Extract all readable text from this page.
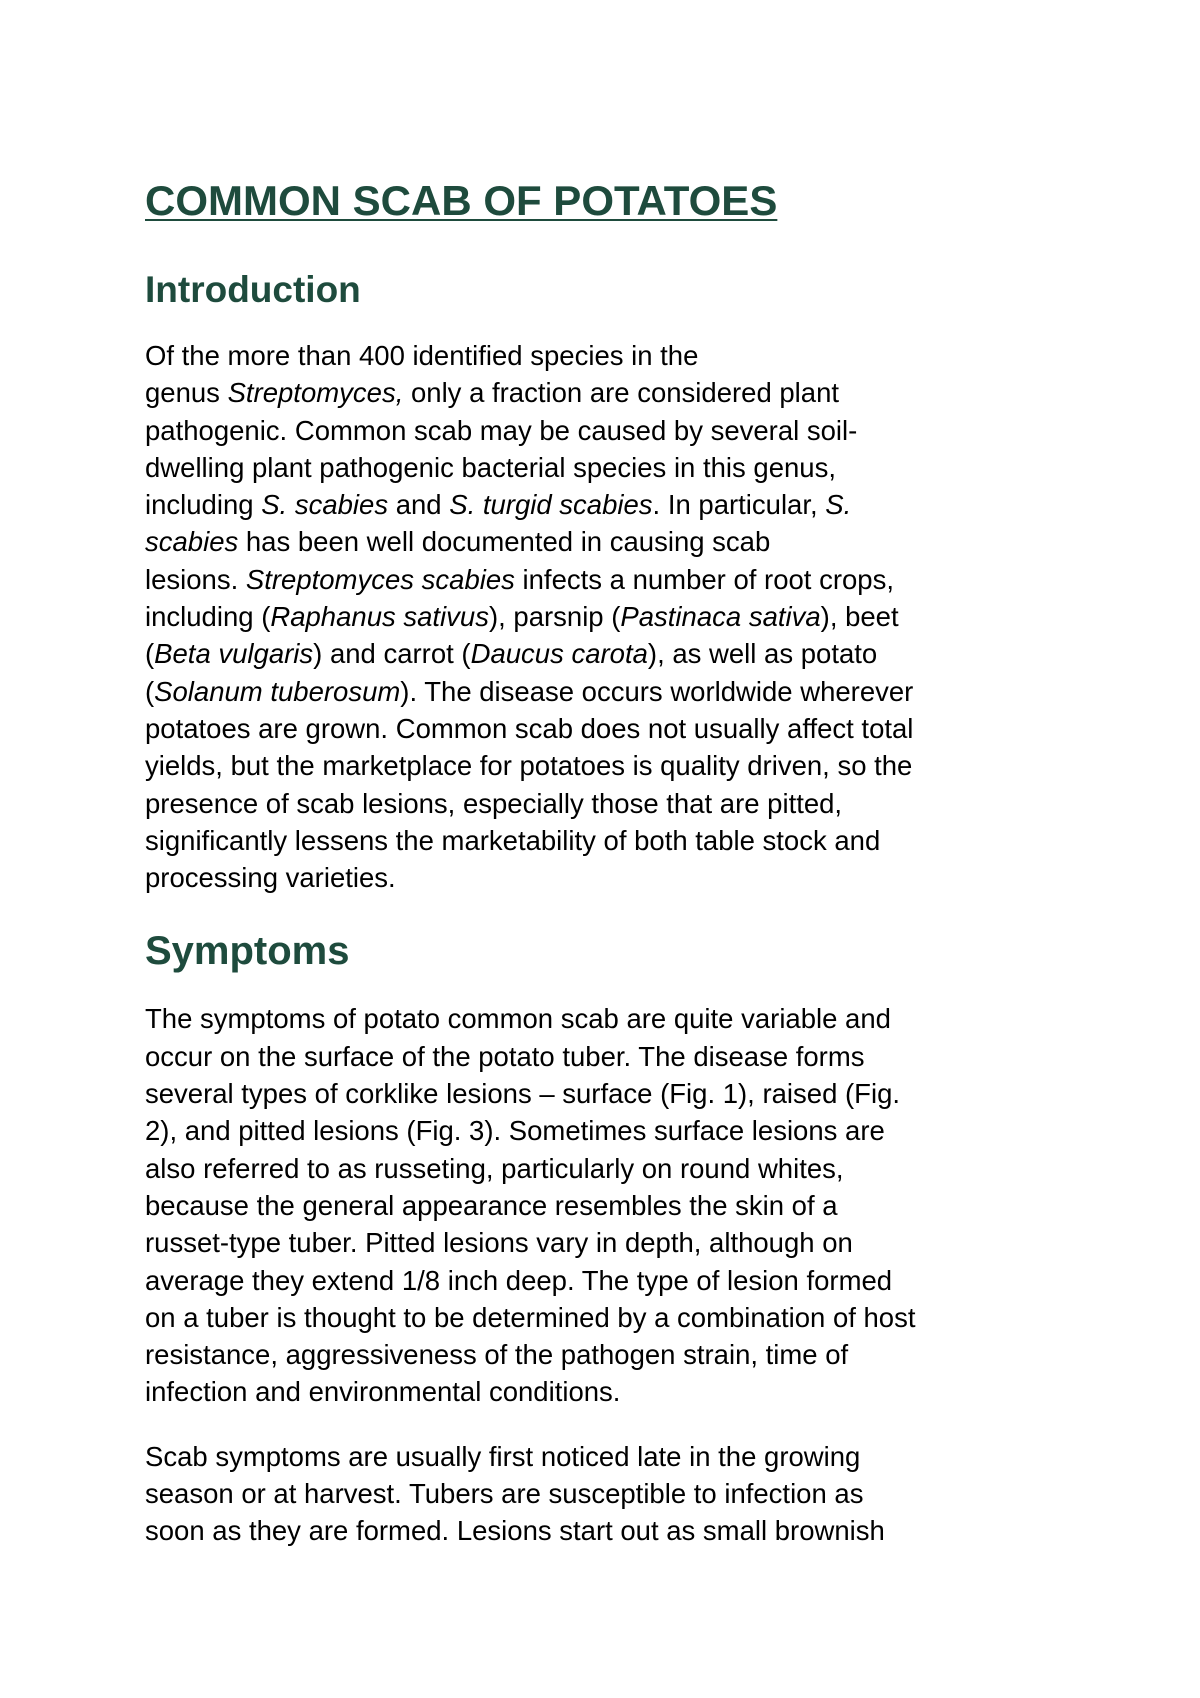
COMMON SCAB OF POTATOES
Introduction

Of the more than 400 identified species in the
genus Streptomyces, only a fraction are considered plant
pathogenic. Common scab may be caused by several soil-
dwelling plant pathogenic bacterial species in this genus,
including S. scabies and S. turgid scabies. In particular, S.
scabies has been well documented in causing scab
lesions. Streptomyces scabies infects a number of root crops,
including (Raphanus sativus), parsnip (Pastinaca sativa), beet
(Beta vulgaris) and carrot (Daucus carota), as well as potato
(Solanum tuberosum). The disease occurs worldwide wherever
potatoes are grown. Common scab does not usually affect total
yields, but the marketplace for potatoes is quality driven, so the
presence of scab lesions, especially those that are pitted,
significantly lessens the marketability of both table stock and
processing varieties.

Symptoms

The symptoms of potato common scab are quite variable and
occur on the surface of the potato tuber. The disease forms
several types of corklike lesions – surface (Fig. 1), raised (Fig.
2), and pitted lesions (Fig. 3). Sometimes surface lesions are
also referred to as russeting, particularly on round whites,
because the general appearance resembles the skin of a
russet-type tuber. Pitted lesions vary in depth, although on
average they extend 1/8 inch deep. The type of lesion formed
on a tuber is thought to be determined by a combination of host
resistance, aggressiveness of the pathogen strain, time of
infection and environmental conditions.

Scab symptoms are usually first noticed late in the growing
season or at harvest. Tubers are susceptible to infection as
soon as they are formed. Lesions start out as small brownish
